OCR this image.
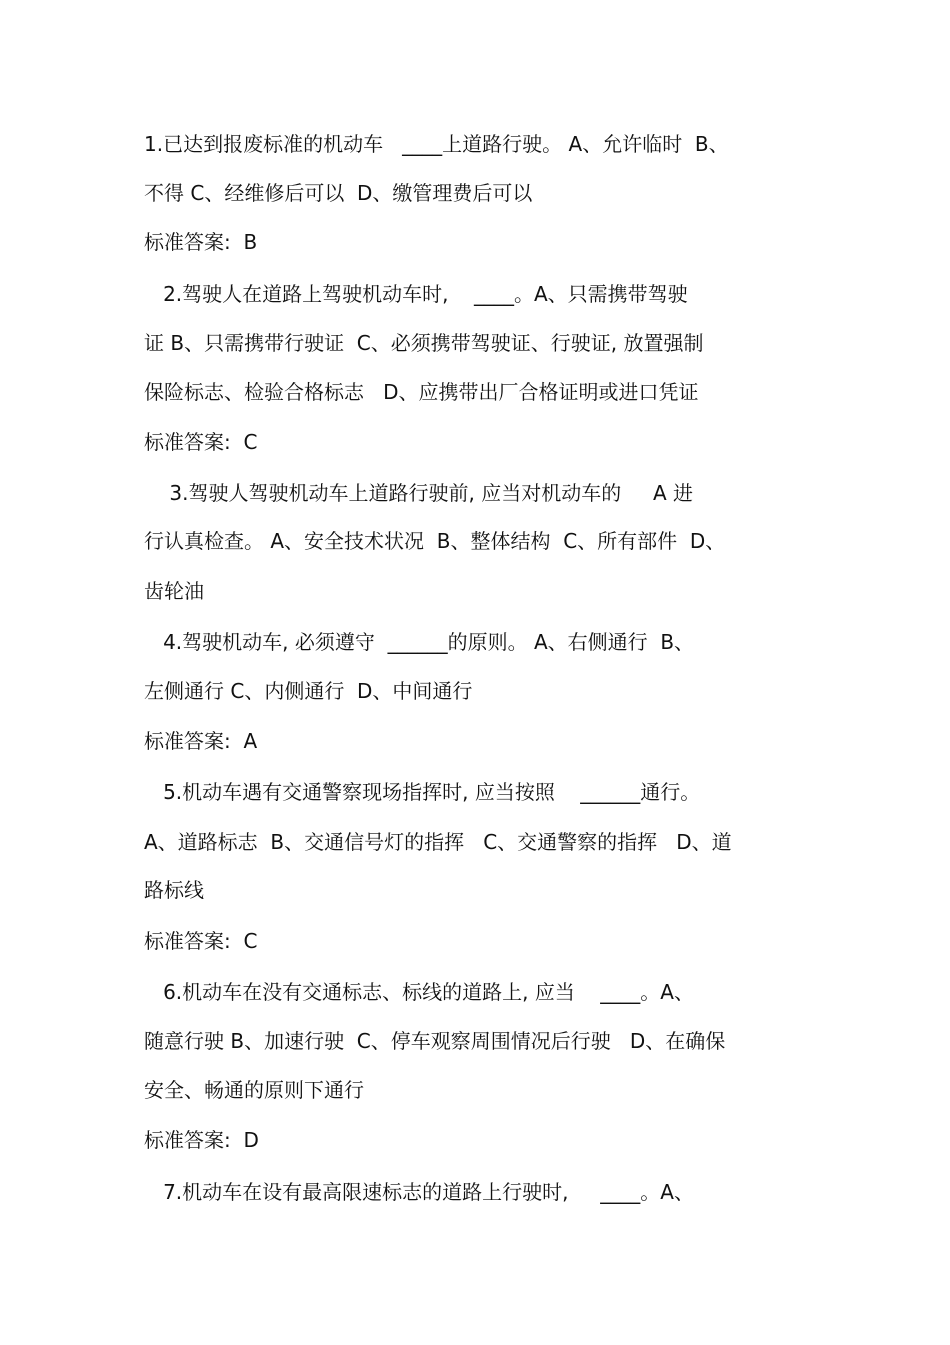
1.已达到报废标准的机动车   ____上道路行驶。 A、允许临时  B、
不得 C、经维修后可以  D、缴管理费后可以
标准答案:  B
2.驾驶人在道路上驾驶机动车时,    ____。A、只需携带驾驶
证 B、只需携带行驶证  C、必须携带驾驶证、行驶证, 放置强制
保险标志、检验合格标志   D、应携带出厂合格证明或进口凭证
标准答案:  C
3.驾驶人驾驶机动车上道路行驶前, 应当对机动车的     A 进
行认真检查。 A、安全技术状况  B、整体结构  C、所有部件  D、
齿轮油
4.驾驶机动车, 必须遵守  ______的原则。 A、右侧通行  B、
左侧通行 C、内侧通行  D、中间通行
标准答案:  A
5.机动车遇有交通警察现场指挥时, 应当按照    ______通行。
A、道路标志  B、交通信号灯的指挥   C、交通警察的指挥   D、道
路标线
标准答案:  C
6.机动车在没有交通标志、标线的道路上, 应当    ____。A、
随意行驶 B、加速行驶  C、停车观察周围情况后行驶   D、在确保
安全、畅通的原则下通行
标准答案:  D
7.机动车在设有最高限速标志的道路上行驶时,     ____。A、
